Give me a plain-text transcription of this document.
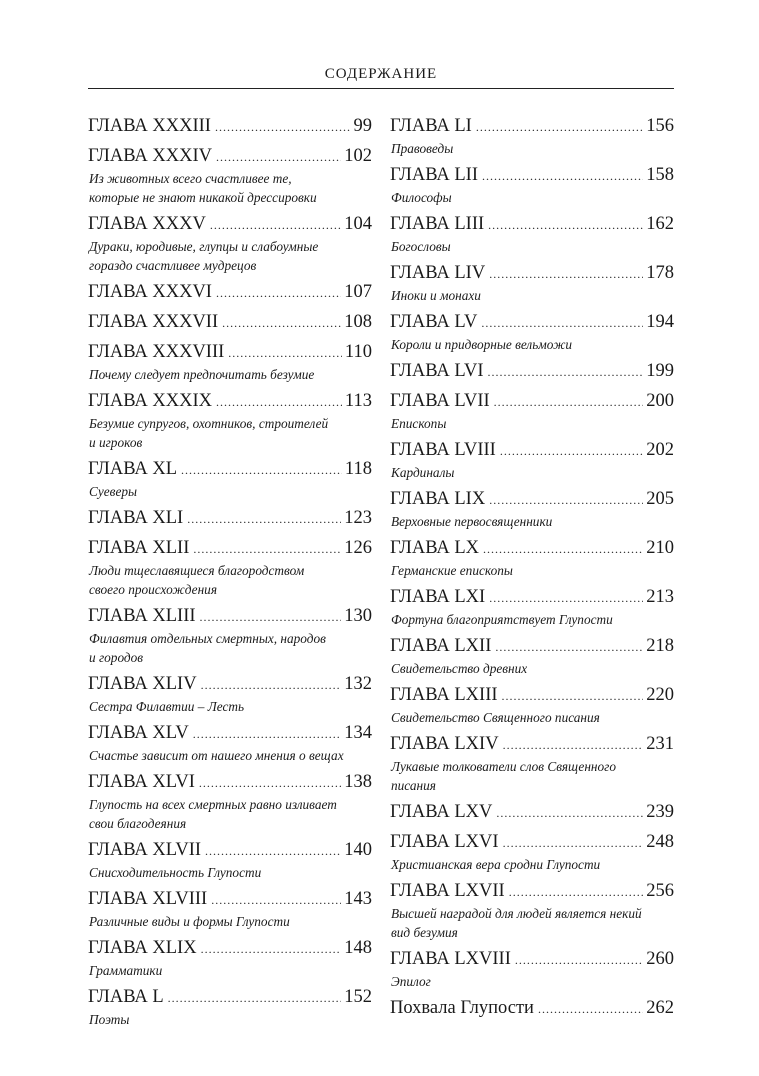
СОДЕРЖАНИЕ
ГЛАВА XXXIII .....	99
ГЛАВА XXXIV .....	102
Из животных всего счастливее те,
которые не знают никакой дрессировки
ГЛАВА XXXV .....	104
Дураки, юродивые, глупцы и слабоумные
гораздо счастливее мудрецов
ГЛАВА XXXVI .....	107
ГЛАВА XXXVII .....	108
ГЛАВА XXXVIII .....	110
Почему следует предпочитать безумие
ГЛАВА XXXIX .....	113
Безумие супругов, охотников, строителей
и игроков
ГЛАВА XL .....	118
Суеверы
ГЛАВА XLI .....	123
ГЛАВА XLII .....	126
Люди тщеславящиеся благородством
своего происхождения
ГЛАВА XLIII .....	130
Филавтия отдельных смертных, народов
и городов
ГЛАВА XLIV .....	132
Сестра Филавтии – Лесть
ГЛАВА XLV .....	134
Счастье зависит от нашего мнения о вещах
ГЛАВА XLVI .....	138
Глупость на всех смертных равно изливает
свои благодеяния
ГЛАВА XLVII .....	140
Снисходительность Глупости
ГЛАВА XLVIII .....	143
Различные виды и формы Глупости
ГЛАВА XLIX .....	148
Грамматики
ГЛАВА L .....	152
Поэты
ГЛАВА LI .....	156
Правоведы
ГЛАВА LII .....	158
Философы
ГЛАВА LIII .....	162
Богословы
ГЛАВА LIV .....	178
Иноки и монахи
ГЛАВА LV .....	194
Короли и придворные вельможи
ГЛАВА LVI .....	199
ГЛАВА LVII .....	200
Епископы
ГЛАВА LVIII .....	202
Кардиналы
ГЛАВА LIX .....	205
Верховные первосвященники
ГЛАВА LX .....	210
Германские епископы
ГЛАВА LXI .....	213
Фортуна благоприятствует Глупости
ГЛАВА LXII .....	218
Свидетельство древних
ГЛАВА LXIII .....	220
Свидетельство Священного писания
ГЛАВА LXIV .....	231
Лукавые толкователи слов Священного
писания
ГЛАВА LXV .....	239
ГЛАВА LXVI .....	248
Христианская вера сродни Глупости
ГЛАВА LXVII .....	256
Высшей наградой для людей является некий
вид безумия
ГЛАВА LXVIII .....	260
Эпилог
Похвала Глупости .....	262
